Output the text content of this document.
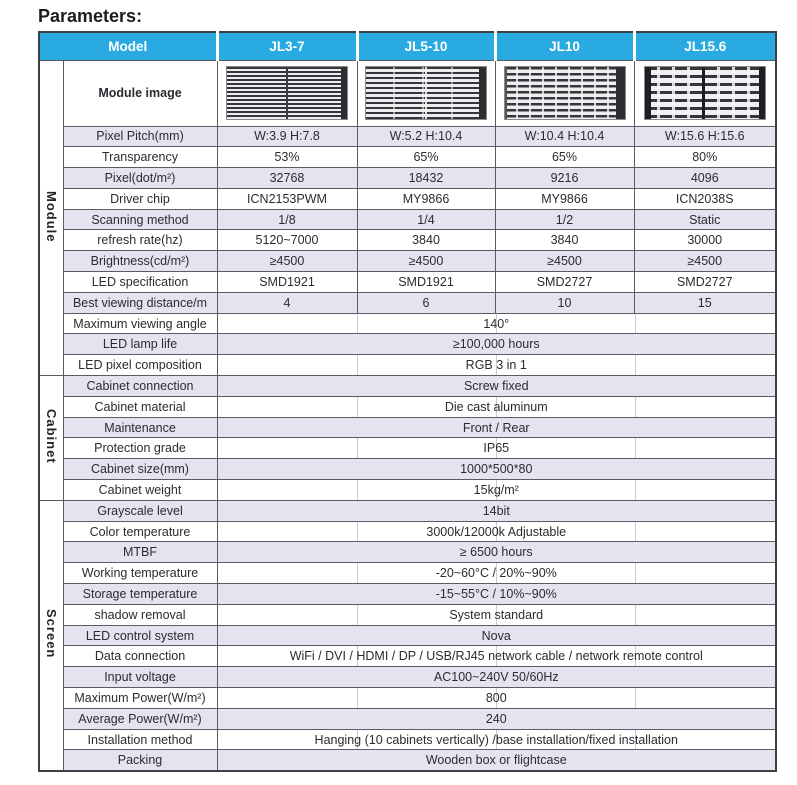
Parameters:
Model		JL3-7	JL5-10	JL10	JL15.6
Module	Module image	

	Pixel Pitch(mm)	W:3.9 H:7.8	W:5.2 H:10.4	W:10.4 H:10.4	W:15.6 H:15.6
	Transparency	53%	65%	65%	80%
	Pixel(dot/m²)	32768	18432	9216	4096
	Driver chip	ICN2153PWM	MY9866	MY9866	ICN2038S
	Scanning method	1/8	1/4	1/2	Static
	refresh rate(hz)	5120~7000	3840	3840	30000
	Brightness(cd/m²)	≥4500	≥4500	≥4500	≥4500
	LED specification	SMD1921	SMD1921	SMD2727	SMD2727
	Best viewing distance/m	4	6	10	15
	Maximum viewing angle	140°			
	LED lamp life	≥100,000 hours			
	LED pixel composition	RGB 3 in 1			
Cabinet	Cabinet connection	Screw fixed			
	Cabinet material	Die cast aluminum			
	Maintenance	Front / Rear			
	Protection grade	IP65			
	Cabinet size(mm)	1000*500*80			
	Cabinet weight	15kg/m²			
Screen	Grayscale level	14bit			
	Color temperature	3000k/12000k Adjustable			
	MTBF	≥ 6500 hours			
	Working temperature	-20~60°C / 20%~90%			
	Storage temperature	-15~55°C / 10%~90%			
	shadow removal	System standard			
	LED control system	Nova			
	Data connection	WiFi / DVI / HDMI / DP / USB/RJ45 network cable / network remote control			
	Input voltage	AC100~240V 50/60Hz			
	Maximum Power(W/m²)	800			
	Average Power(W/m²)	240			
	Installation method	Hanging (10 cabinets vertically) /base installation/fixed installation			
	Packing	Wooden box or flightcase			
